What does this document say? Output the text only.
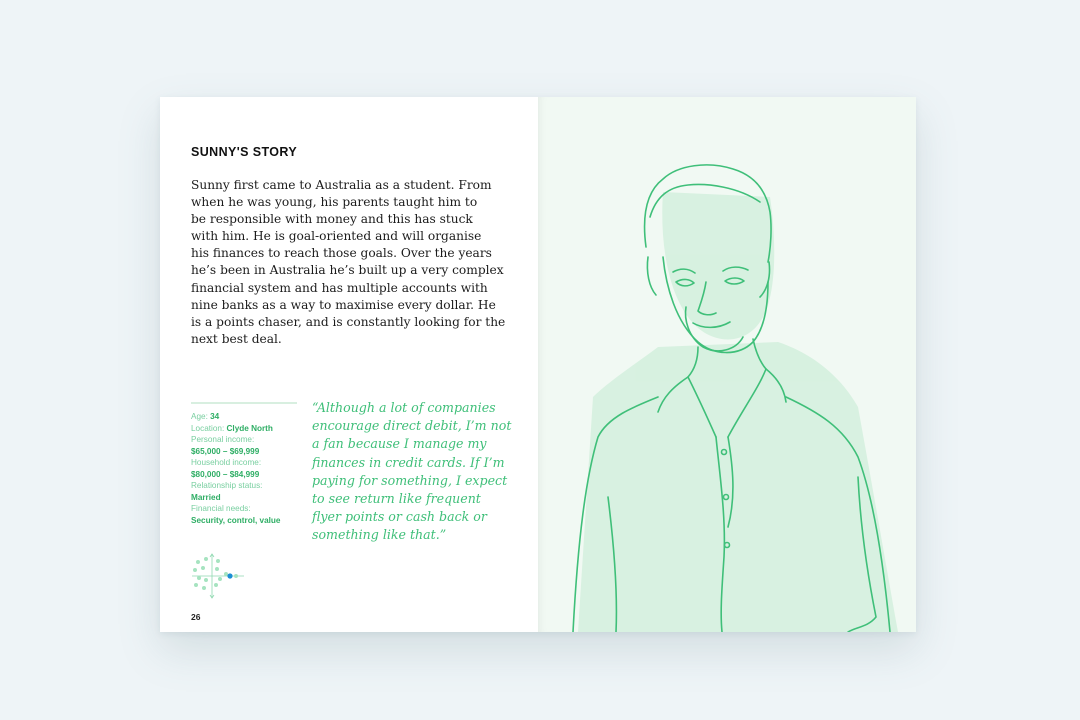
SUNNY'S STORY
Sunny first came to Australia as a student. From
when he was young, his parents taught him to
be responsible with money and this has stuck
with him. He is goal-oriented and will organise
his finances to reach those goals. Over the years
he’s been in Australia he’s built up a very complex
financial system and has multiple accounts with
nine banks as a way to maximise every dollar. He
is a points chaser, and is constantly looking for the
next best deal.
Age: 34
Location: Clyde North
Personal income:
$65,000 – $69,999
Household income:
$80,000 – $84,999
Relationship status:
Married
Financial needs:
Security, control, value
“Although a lot of companies
encourage direct debit, I’m not
a fan because I manage my
finances in credit cards. If I’m
paying for something, I expect
to see return like frequent
flyer points or cash back or
something like that.”
26
